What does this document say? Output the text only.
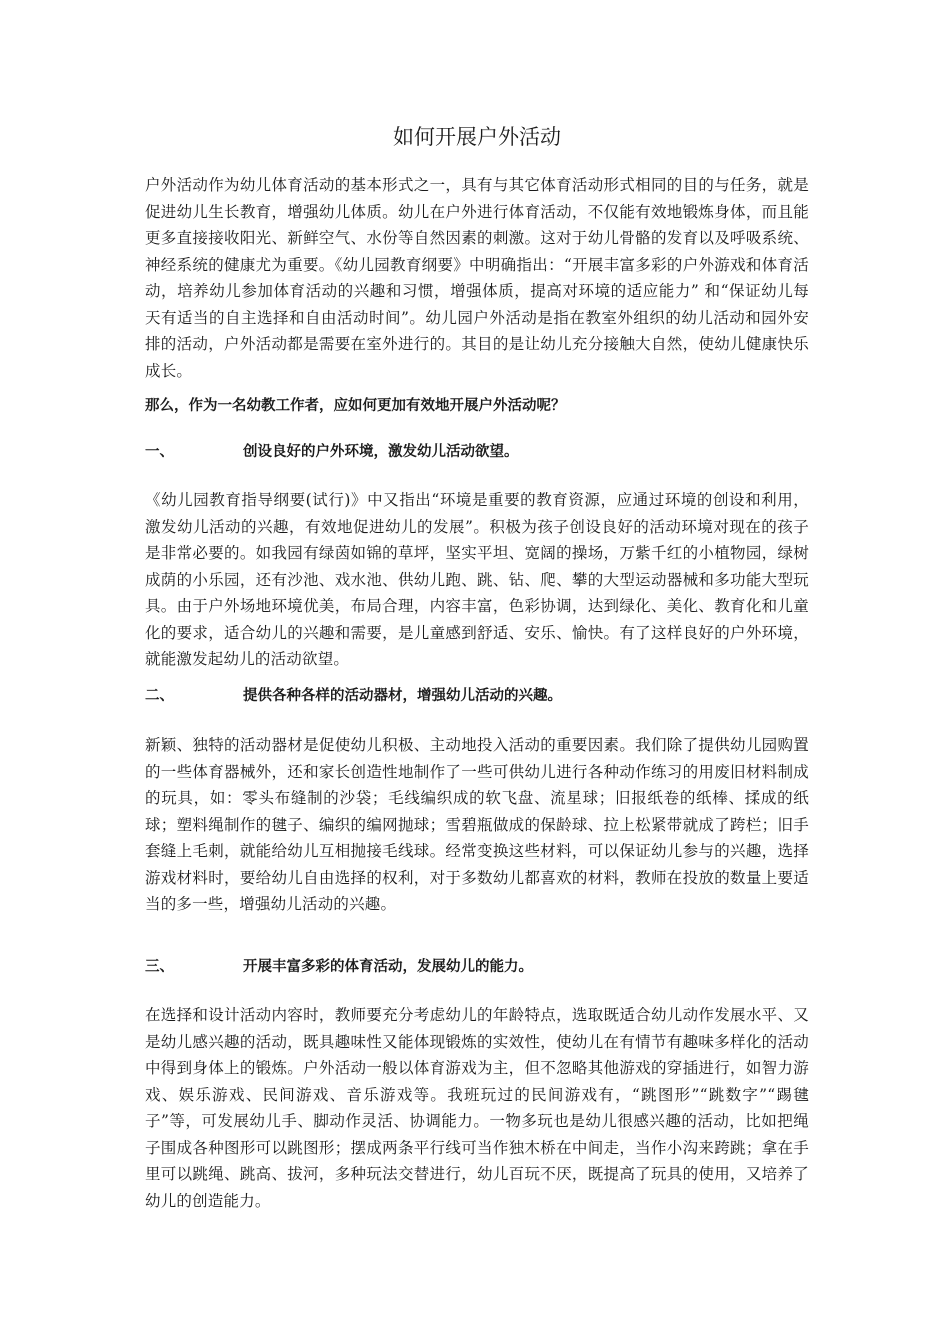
如何开展户外活动

户外活动作为幼儿体育活动的基本形式之一，具有与其它体育活动形式相同的目的与任务，就是促进幼儿生长教育，增强幼儿体质。幼儿在户外进行体育活动，不仅能有效地锻炼身体，而且能更多直接接收阳光、新鲜空气、水份等自然因素的刺激。这对于幼儿骨骼的发育以及呼吸系统、神经系统的健康尤为重要。《幼儿园教育纲要》中明确指出：“开展丰富多彩的户外游戏和体育活动，培养幼儿参加体育活动的兴趣和习惯，增强体质，提高对环境的适应能力” 和“保证幼儿每天有适当的自主选择和自由活动时间”。幼儿园户外活动是指在教室外组织的幼儿活动和园外安排的活动，户外活动都是需要在室外进行的。其目的是让幼儿充分接触大自然，使幼儿健康快乐成长。

那么，作为一名幼教工作者，应如何更加有效地开展户外活动呢？

一、	创设良好的户外环境，激发幼儿活动欲望。

《幼儿园教育指导纲要(试行)》中又指出“环境是重要的教育资源，应通过环境的创设和利用，激发幼儿活动的兴趣，有效地促进幼儿的发展”。积极为孩子创设良好的活动环境对现在的孩子是非常必要的。如我园有绿茵如锦的草坪，坚实平坦、宽阔的操场，万紫千红的小植物园，绿树成荫的小乐园，还有沙池、戏水池、供幼儿跑、跳、钻、爬、攀的大型运动器械和多功能大型玩具。由于户外场地环境优美，布局合理，内容丰富，色彩协调，达到绿化、美化、教育化和儿童化的要求，适合幼儿的兴趣和需要，是儿童感到舒适、安乐、愉快。有了这样良好的户外环境，就能激发起幼儿的活动欲望。

二、	提供各种各样的活动器材，增强幼儿活动的兴趣。

新颖、独特的活动器材是促使幼儿积极、主动地投入活动的重要因素。我们除了提供幼儿园购置的一些体育器械外，还和家长创造性地制作了一些可供幼儿进行各种动作练习的用废旧材料制成的玩具，如：零头布缝制的沙袋；毛线编织成的软飞盘、流星球；旧报纸卷的纸棒、揉成的纸球；塑料绳制作的毽子、编织的编网抛球；雪碧瓶做成的保龄球、拉上松紧带就成了跨栏；旧手套缝上毛刺，就能给幼儿互相抛接毛线球。经常变换这些材料，可以保证幼儿参与的兴趣，选择游戏材料时，要给幼儿自由选择的权利，对于多数幼儿都喜欢的材料，教师在投放的数量上要适当的多一些，增强幼儿活动的兴趣。

三、	开展丰富多彩的体育活动，发展幼儿的能力。

在选择和设计活动内容时，教师要充分考虑幼儿的年龄特点，选取既适合幼儿动作发展水平、又是幼儿感兴趣的活动，既具趣味性又能体现锻炼的实效性，使幼儿在有情节有趣味多样化的活动中得到身体上的锻炼。户外活动一般以体育游戏为主，但不忽略其他游戏的穿插进行，如智力游戏、娱乐游戏、民间游戏、音乐游戏等。我班玩过的民间游戏有，“跳图形”“跳数字”“踢毽子”等，可发展幼儿手、脚动作灵活、协调能力。一物多玩也是幼儿很感兴趣的活动，比如把绳子围成各种图形可以跳图形；摆成两条平行线可当作独木桥在中间走，当作小沟来跨跳；拿在手里可以跳绳、跳高、拔河，多种玩法交替进行，幼儿百玩不厌，既提高了玩具的使用，又培养了幼儿的创造能力。
